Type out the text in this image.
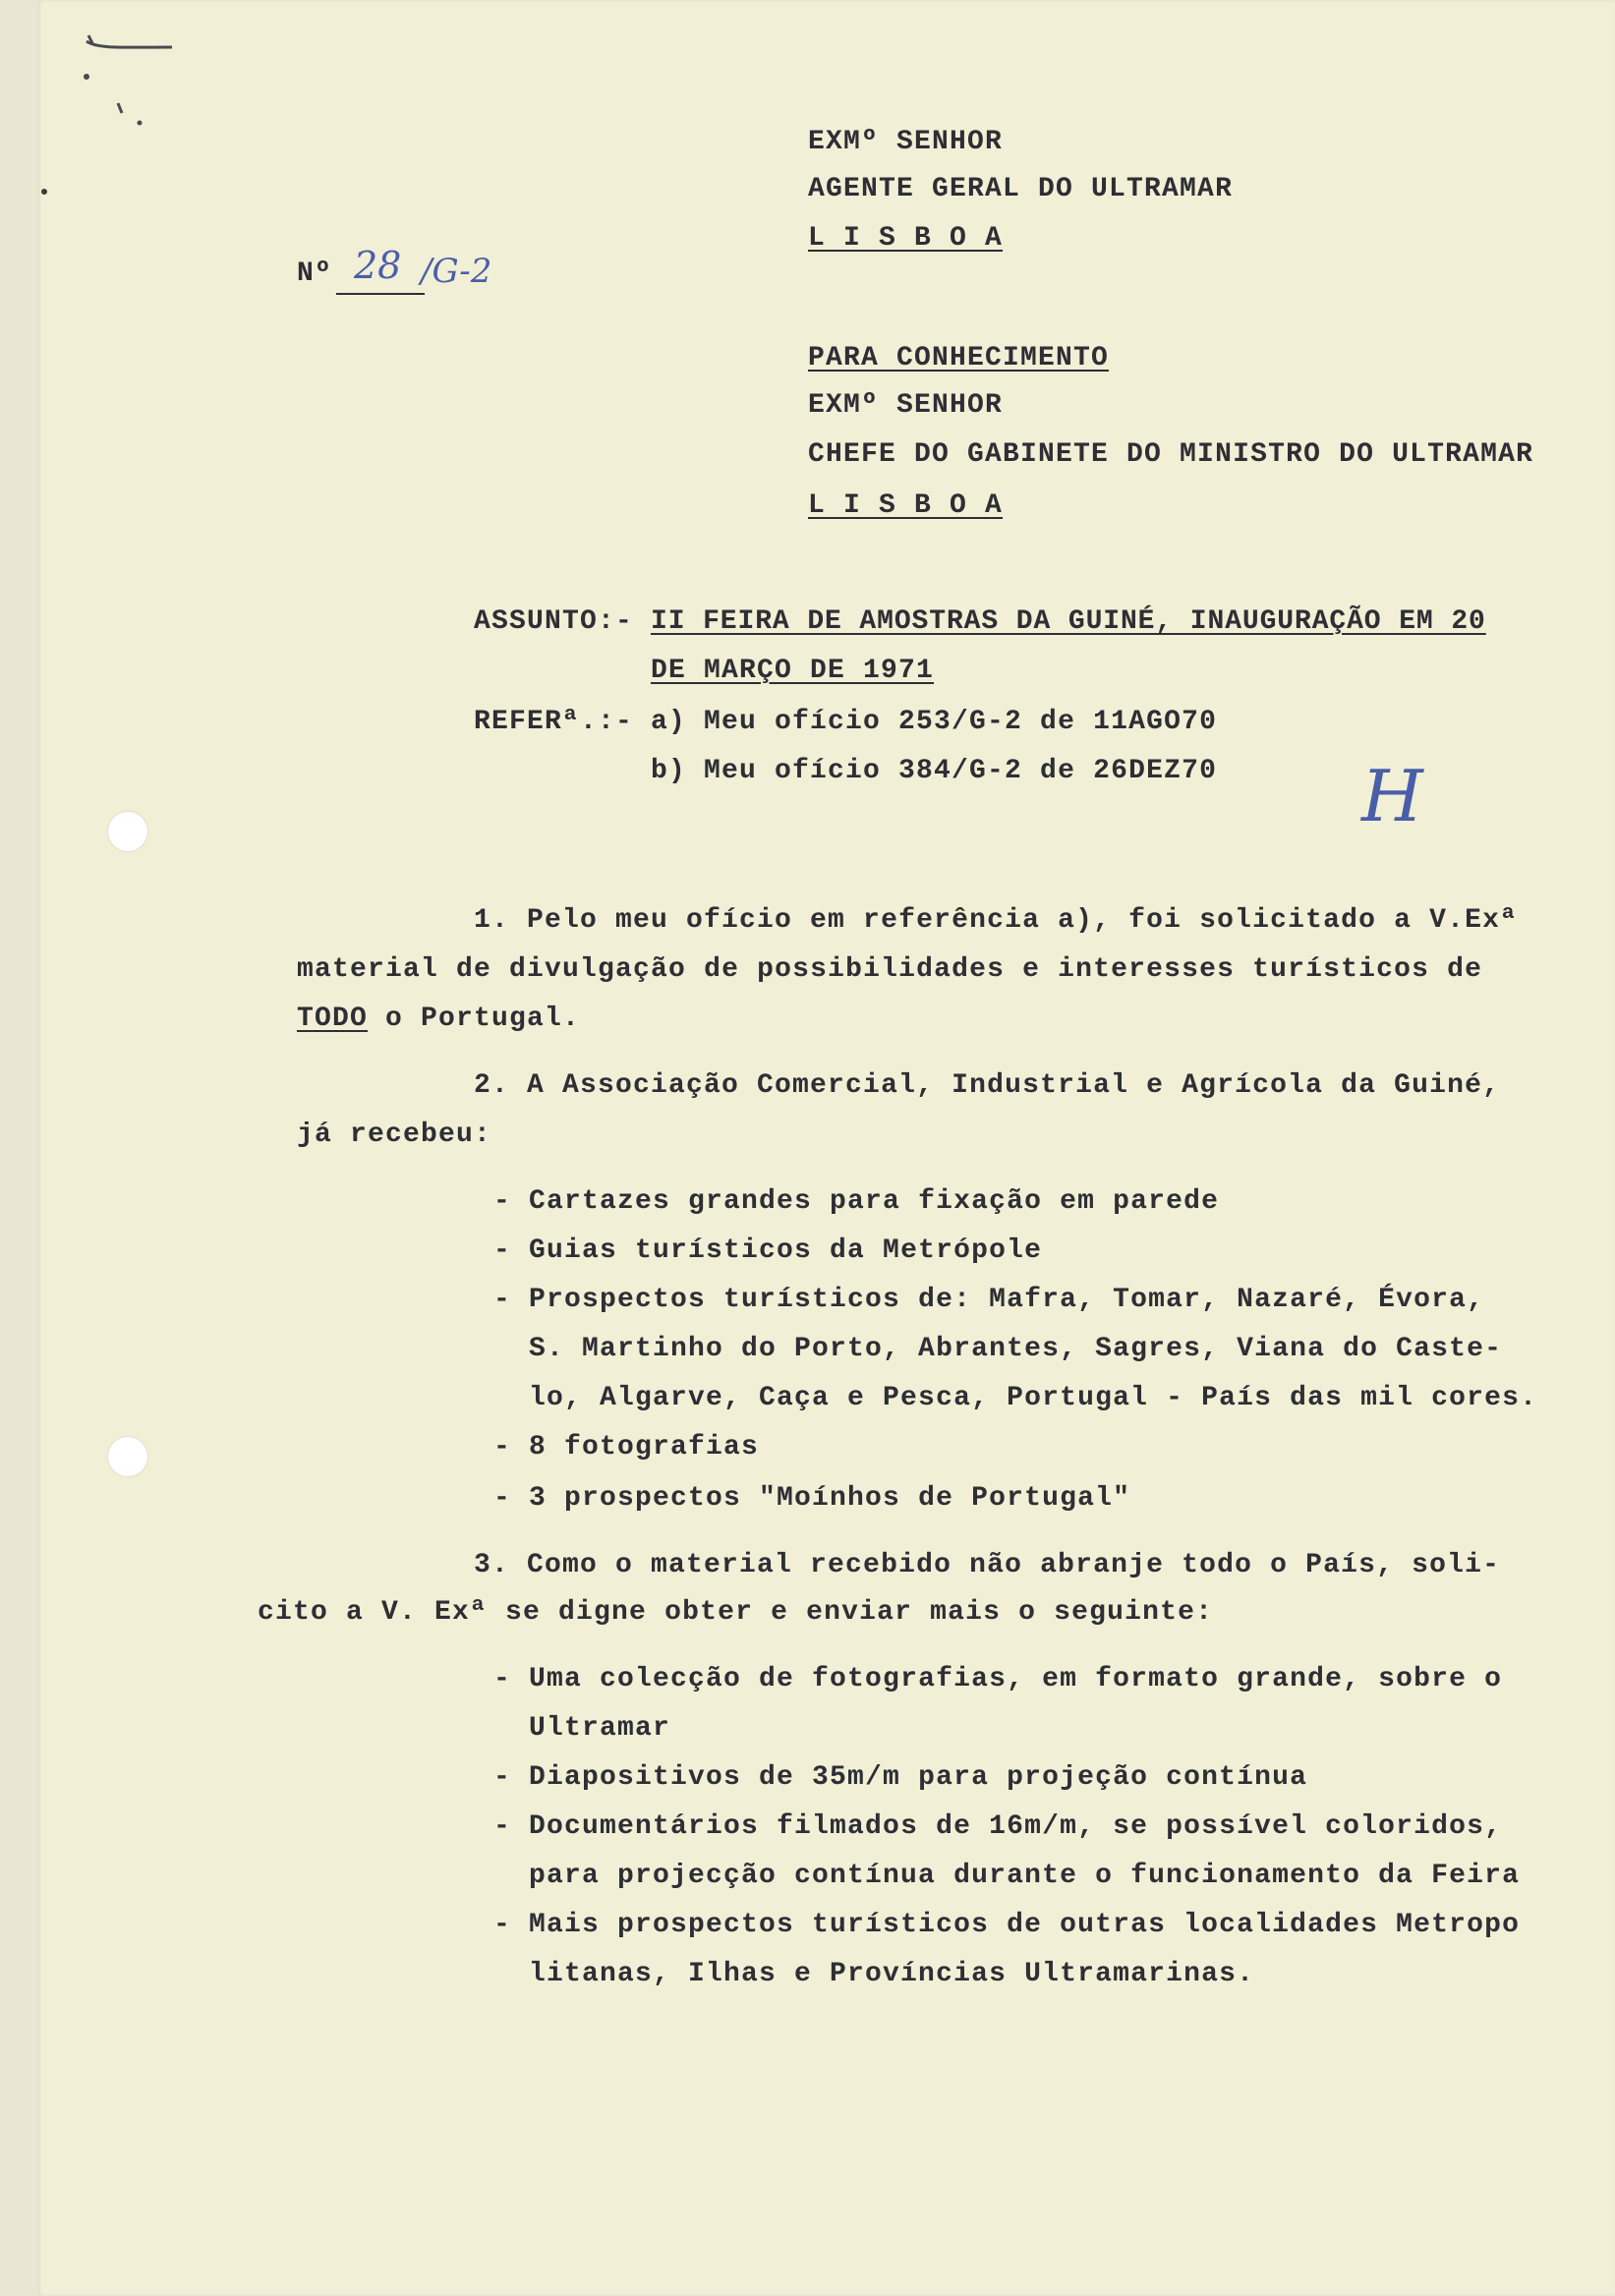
EXMº SENHOR
AGENTE GERAL DO ULTRAMAR
L I S B O A
Nº 28 /G-2
PARA CONHECIMENTO
EXMº SENHOR
CHEFE DO GABINETE DO MINISTRO DO ULTRAMAR
L I S B O A
ASSUNTO:- II FEIRA DE AMOSTRAS DA GUINÉ, INAUGURAÇÃO EM 20
DE MARÇO DE 1971
REFERª.:- a) Meu ofício 253/G-2 de 11AGO70
b) Meu ofício 384/G-2 de 26DEZ70 H
1. Pelo meu ofício em referência a), foi solicitado a V.Exª
material de divulgação de possibilidades e interesses turísticos de
TODO o Portugal.
2. A Associação Comercial, Industrial e Agrícola da Guiné,
já recebeu:
- Cartazes grandes para fixação em parede
- Guias turísticos da Metrópole
- Prospectos turísticos de: Mafra, Tomar, Nazaré, Évora,
S. Martinho do Porto, Abrantes, Sagres, Viana do Caste-
lo, Algarve, Caça e Pesca, Portugal - País das mil cores.
- 8 fotografias
- 3 prospectos "Moínhos de Portugal"
3. Como o material recebido não abranje todo o País, soli-
cito a V. Exª se digne obter e enviar mais o seguinte:
- Uma colecção de fotografias, em formato grande, sobre o
Ultramar
- Diapositivos de 35m/m para projeção contínua
- Documentários filmados de 16m/m, se possível coloridos,
para projecção contínua durante o funcionamento da Feira
- Mais prospectos turísticos de outras localidades Metropo
litanas, Ilhas e Províncias Ultramarinas.
